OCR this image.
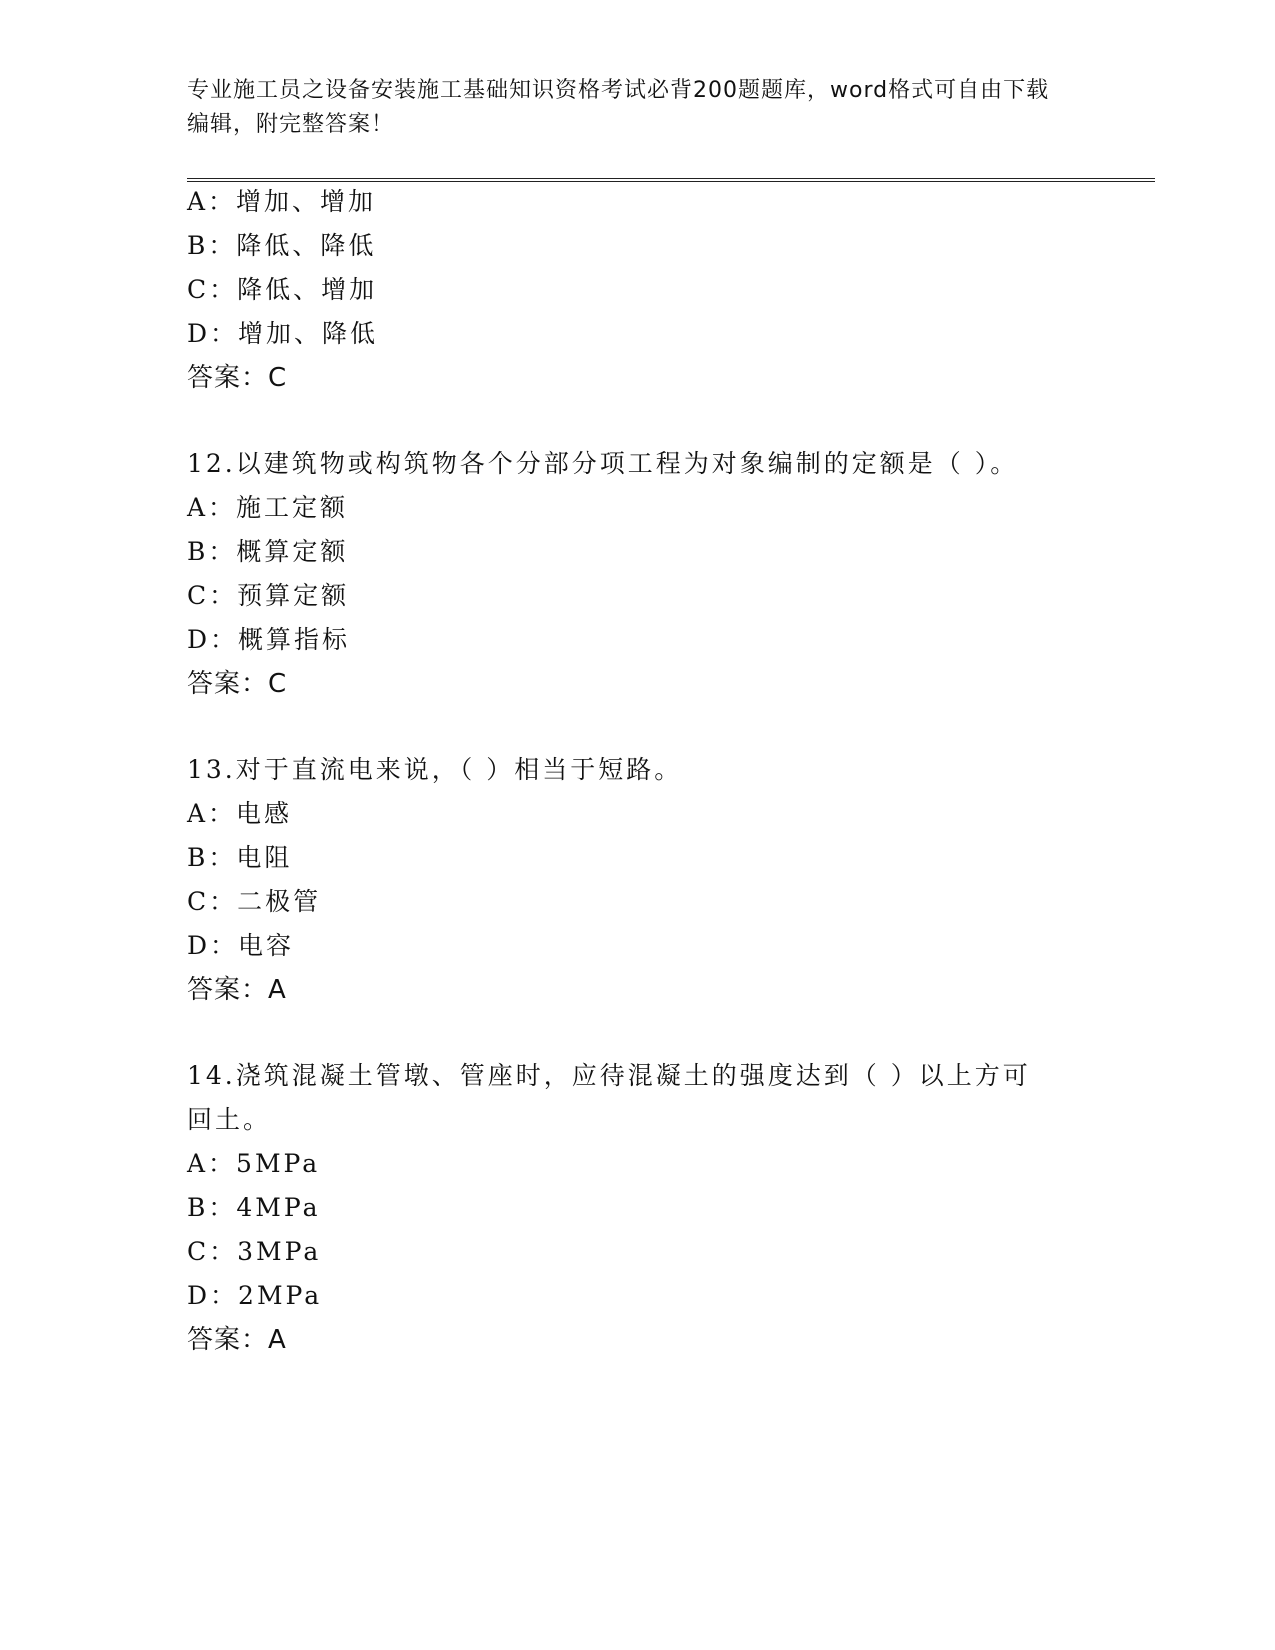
专业施工员之设备安装施工基础知识资格考试必背200题题库，word格式可自由下载编辑，附完整答案！
A：增加、增加
B：降低、降低
C：降低、增加
D：增加、降低
答案：C
12.以建筑物或构筑物各个分部分项工程为对象编制的定额是（ ）。
A：施工定额
B：概算定额
C：预算定额
D：概算指标
答案：C
13.对于直流电来说，（ ）相当于短路。
A：电感
B：电阻
C：二极管
D：电容
答案：A
14.浇筑混凝土管墩、管座时，应待混凝土的强度达到（ ）以上方可
回土。
A：5MPa
B：4MPa
C：3MPa
D：2MPa
答案：A
